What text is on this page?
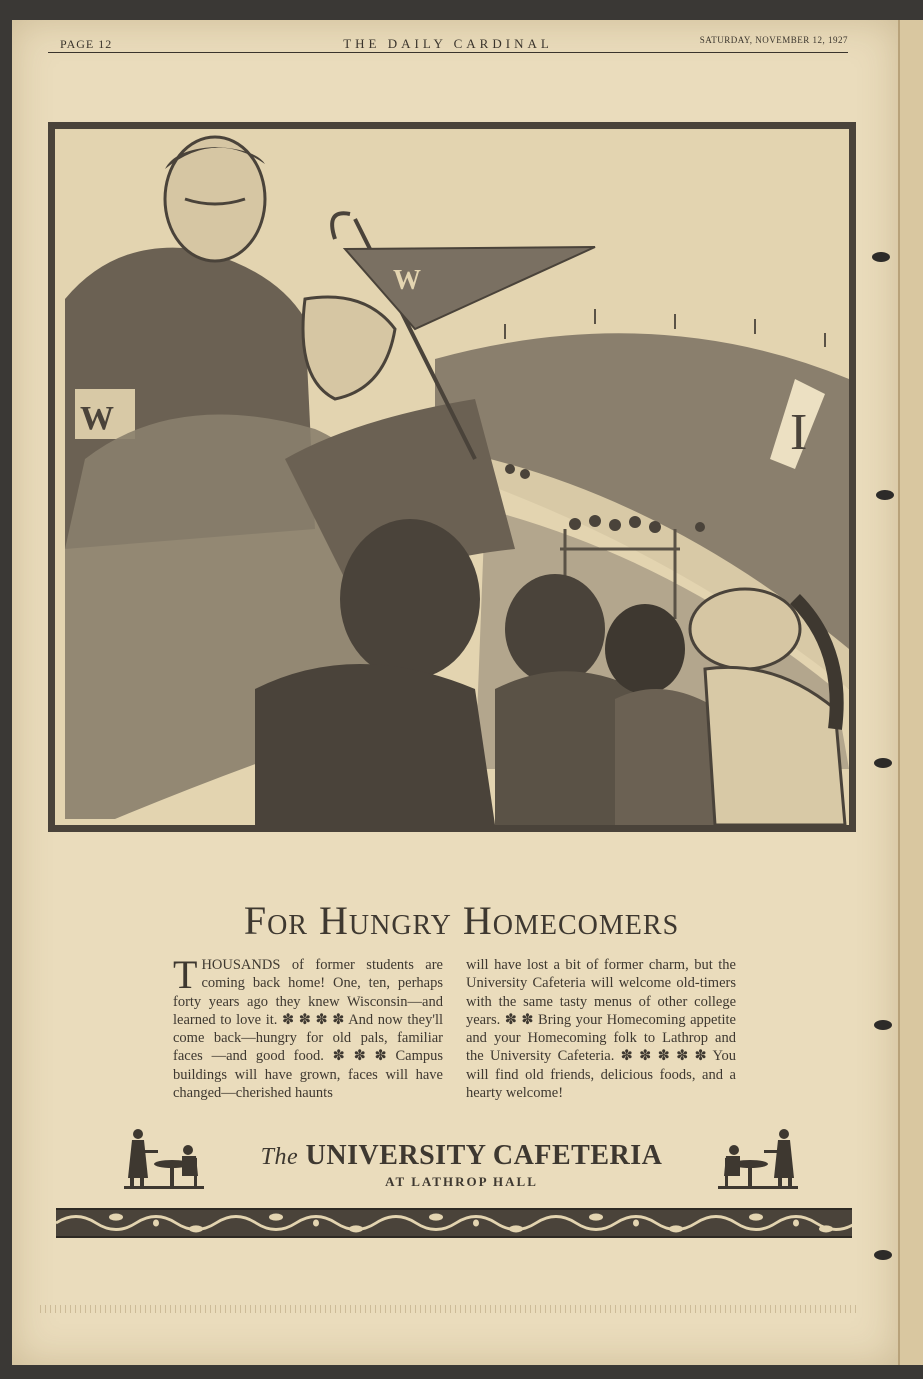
PAGE 12	THE DAILY CARDINAL	SATURDAY, NOVEMBER 12, 1927
I
W
W
For Hungry Homecomers
T HOUSANDS of former students are coming back home! One, ten, perhaps forty years ago they knew Wisconsin—and learned to love it. ✽ ✽ ✽ ✽ And now they'll come back—hungry for old pals, familiar faces —and good food. ✽ ✽ ✽ Campus buildings will have grown, faces will have changed—cherished haunts
will have lost a bit of former charm, but the University Cafeteria will welcome old-timers with the same tasty menus of other college years. ✽ ✽ Bring your Homecoming appetite and your Homecoming folk to Lathrop and the University Cafeteria. ✽ ✽ ✽ ✽ ✽ You will find old friends, delicious foods, and a hearty welcome!
The UNIVERSITY CAFETERIA
AT LATHROP HALL
